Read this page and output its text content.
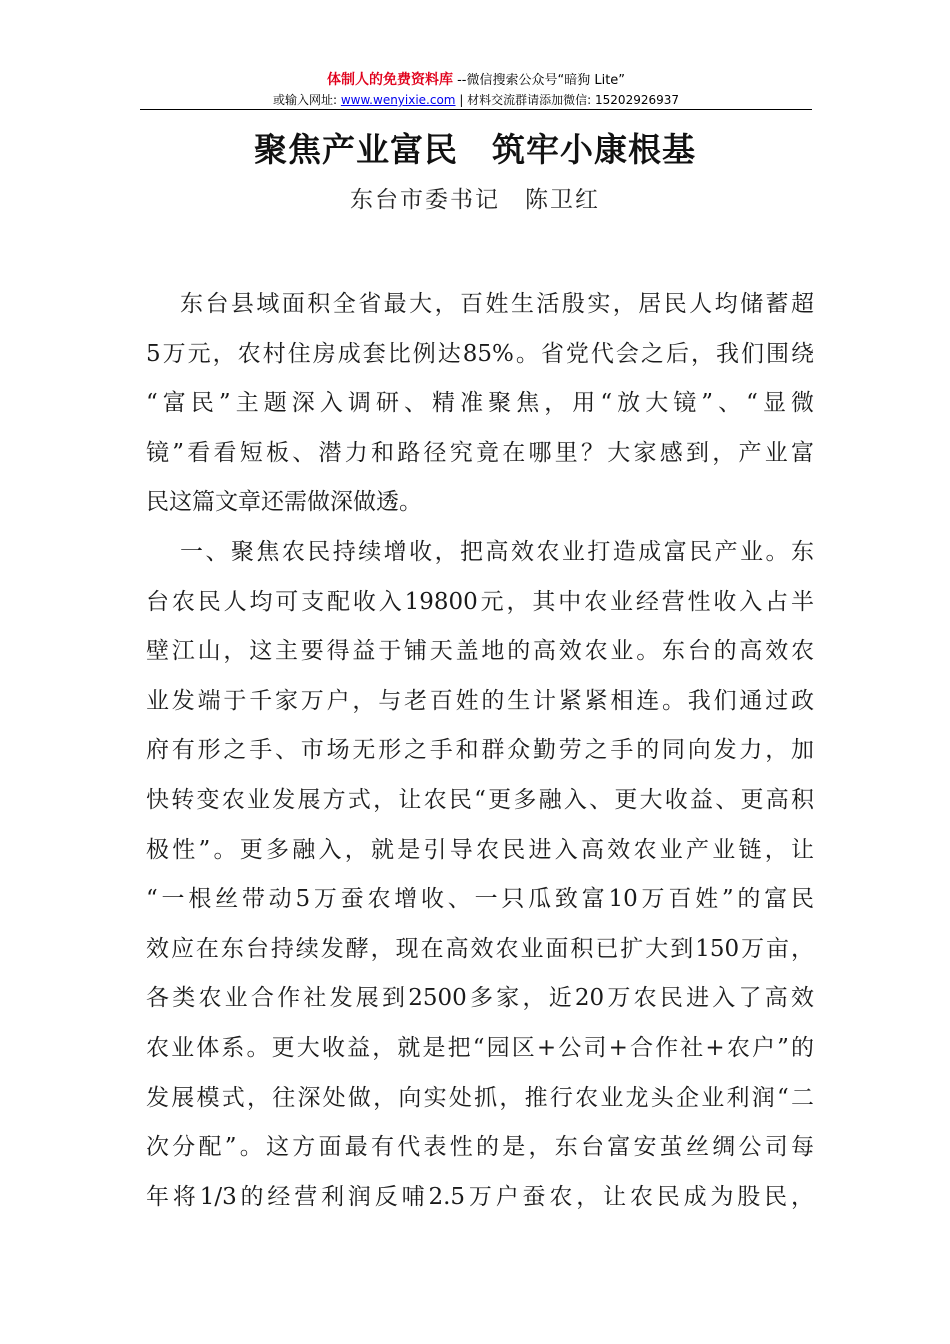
体制人的免费资料库 --微信搜索公众号“暗狗 Lite”
或输入网址: www.wenyixie.com | 材料交流群请添加微信: 15202926937
聚焦产业富民　筑牢小康根基
东台市委书记　陈卫红
东台县域面积全省最大，百姓生活殷实，居民人均储蓄超
5万元，农村住房成套比例达85%。省党代会之后，我们围绕
“富民”主题深入调研、精准聚焦，用“放大镜”、“显微
镜”看看短板、潜力和路径究竟在哪里？大家感到，产业富
民这篇文章还需做深做透。
一、聚焦农民持续增收，把高效农业打造成富民产业。东
台农民人均可支配收入19800元，其中农业经营性收入占半
壁江山，这主要得益于铺天盖地的高效农业。东台的高效农
业发端于千家万户，与老百姓的生计紧紧相连。我们通过政
府有形之手、市场无形之手和群众勤劳之手的同向发力，加
快转变农业发展方式，让农民“更多融入、更大收益、更高积
极性”。更多融入，就是引导农民进入高效农业产业链，让
“一根丝带动5万蚕农增收、一只瓜致富10万百姓”的富民
效应在东台持续发酵，现在高效农业面积已扩大到150万亩，
各类农业合作社发展到2500多家，近20万农民进入了高效
农业体系。更大收益，就是把“园区+公司+合作社+农户”的
发展模式，往深处做，向实处抓，推行农业龙头企业利润“二
次分配”。这方面最有代表性的是，东台富安茧丝绸公司每
年将1/3的经营利润反哺2.5万户蚕农，让农民成为股民，
